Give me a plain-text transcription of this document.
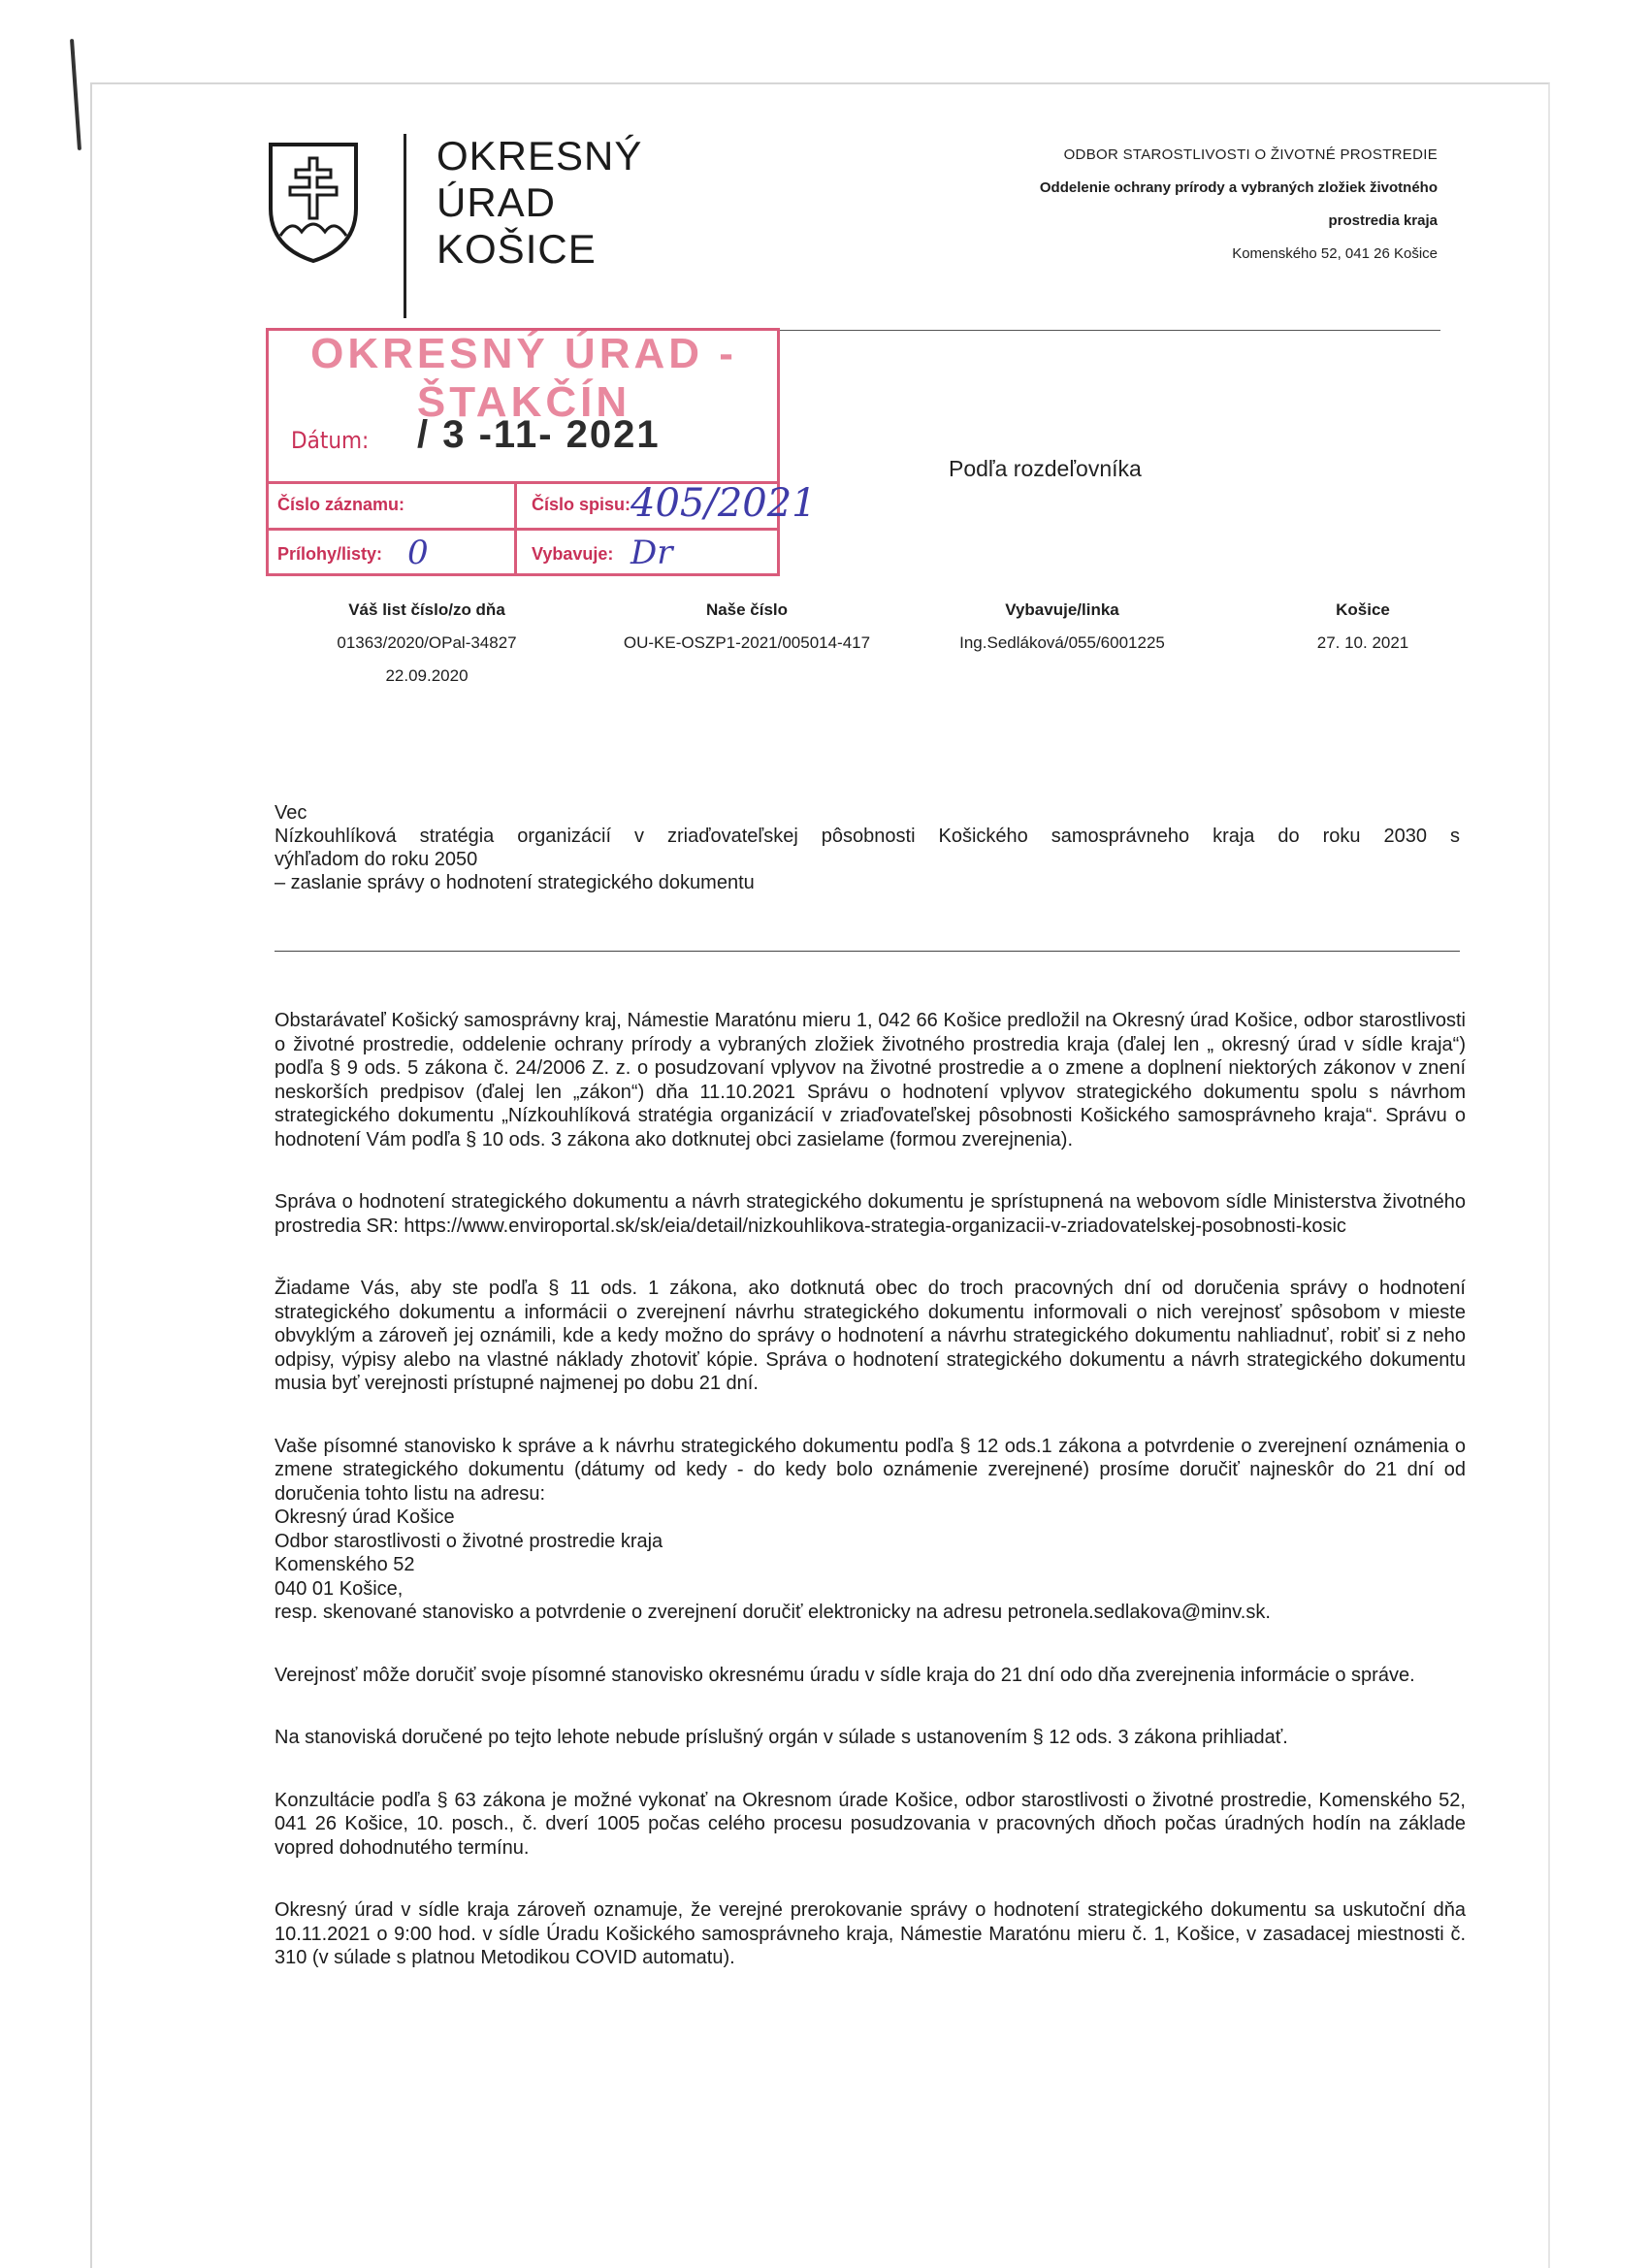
OKRESNÝ
ÚRAD
KOŠICE
ODBOR STAROSTLIVOSTI O ŽIVOTNÉ PROSTREDIE
Oddelenie ochrany prírody a vybraných zložiek životného
prostredia kraja
Komenského 52, 041 26 Košice
OKRESNÝ ÚRAD - ŠTAKČÍN
Dátum: / 3 -11- 2021
Číslo záznamu:	Číslo spisu: 405/2021
Prílohy/listy: 0	Vybavuje: Dr
Podľa rozdeľovníka
Váš list číslo/zo dňa
01363/2020/OPal-34827
22.09.2020
Naše číslo
OU-KE-OSZP1-2021/005014-417
Vybavuje/linka
Ing.Sedláková/055/6001225
Košice
27. 10. 2021
Vec
Nízkouhlíková stratégia organizácií v zriaďovateľskej pôsobnosti Košického samosprávneho kraja do roku 2030 s
výhľadom do roku 2050
– zaslanie správy o hodnotení strategického dokumentu

Obstarávateľ Košický samosprávny kraj, Námestie Maratónu mieru 1, 042 66 Košice predložil na Okresný úrad Košice, odbor starostlivosti o životné prostredie, oddelenie ochrany prírody a vybraných zložiek životného prostredia kraja (ďalej len „ okresný úrad v sídle kraja“) podľa § 9 ods. 5 zákona č. 24/2006 Z. z. o posudzovaní vplyvov na životné prostredie a o zmene a doplnení niektorých zákonov v znení neskorších predpisov (ďalej len „zákon“) dňa 11.10.2021 Správu o hodnotení vplyvov strategického dokumentu spolu s návrhom strategického dokumentu „Nízkouhlíková stratégia organizácií v zriaďovateľskej pôsobnosti Košického samosprávneho kraja“. Správu o hodnotení Vám podľa § 10 ods. 3 zákona ako dotknutej obci zasielame (formou zverejnenia).

Správa o hodnotení strategického dokumentu a návrh strategického dokumentu je sprístupnená na webovom sídle Ministerstva životného prostredia SR: https://www.enviroportal.sk/sk/eia/detail/nizkouhlikova-strategia-organizacii-v-zriadovatelskej-posobnosti-kosic

Žiadame Vás, aby ste podľa § 11 ods. 1 zákona, ako dotknutá obec do troch pracovných dní od doručenia správy o hodnotení strategického dokumentu a informácii o zverejnení návrhu strategického dokumentu informovali o nich verejnosť spôsobom v mieste obvyklým a zároveň jej oznámili, kde a kedy možno do správy o hodnotení a návrhu strategického dokumentu nahliadnuť, robiť si z neho odpisy, výpisy alebo na vlastné náklady zhotoviť kópie. Správa o hodnotení strategického dokumentu a návrh strategického dokumentu musia byť verejnosti prístupné najmenej po dobu 21 dní.

Vaše písomné stanovisko k správe a k návrhu strategického dokumentu podľa § 12 ods.1 zákona a potvrdenie o zverejnení oznámenia o zmene strategického dokumentu (dátumy od kedy - do kedy bolo oznámenie zverejnené) prosíme doručiť najneskôr do 21 dní od doručenia tohto listu na adresu:
Okresný úrad Košice
Odbor starostlivosti o životné prostredie kraja
Komenského 52
040 01 Košice,
resp. skenované stanovisko a potvrdenie o zverejnení doručiť elektronicky na adresu petronela.sedlakova@minv.sk.

Verejnosť môže doručiť svoje písomné stanovisko okresnému úradu v sídle kraja do 21 dní odo dňa zverejnenia informácie o správe.

Na stanoviská doručené po tejto lehote nebude príslušný orgán v súlade s ustanovením § 12 ods. 3 zákona prihliadať.

Konzultácie podľa § 63 zákona je možné vykonať na Okresnom úrade Košice, odbor starostlivosti o životné prostredie, Komenského 52, 041 26 Košice, 10. posch., č. dverí 1005 počas celého procesu posudzovania v pracovných dňoch počas úradných hodín na základe vopred dohodnutého termínu.

Okresný úrad v sídle kraja zároveň oznamuje, že verejné prerokovanie správy o hodnotení strategického dokumentu sa uskutoční dňa 10.11.2021 o 9:00 hod. v sídle Úradu Košického samosprávneho kraja, Námestie Maratónu mieru č. 1, Košice, v zasadacej miestnosti č. 310 (v súlade s platnou Metodikou COVID automatu).
